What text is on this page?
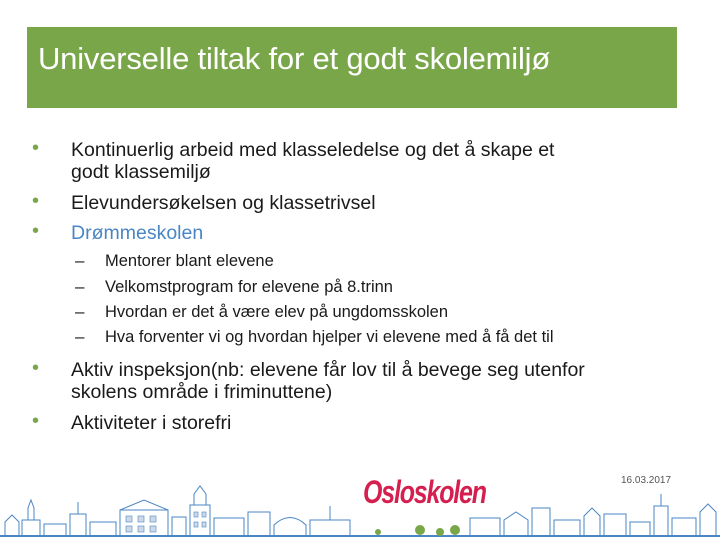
Universelle tiltak for et godt skolemiljø
• Kontinuerlig arbeid med klasseledelse og det å skape et
godt klassemiljø
• Elevundersøkelsen og klassetrivsel
• Drømmeskolen
– Mentorer blant elevene
– Velkomstprogram for elevene på 8.trinn
– Hvordan er det å være elev på ungdomsskolen
– Hva forventer vi og hvordan hjelper vi elevene med å få det til
• Aktiv inspeksjon(nb: elevene får lov til å bevege seg utenfor
skolens område i friminuttene)
• Aktiviteter i storefri
16.03.2017
Osloskolen
